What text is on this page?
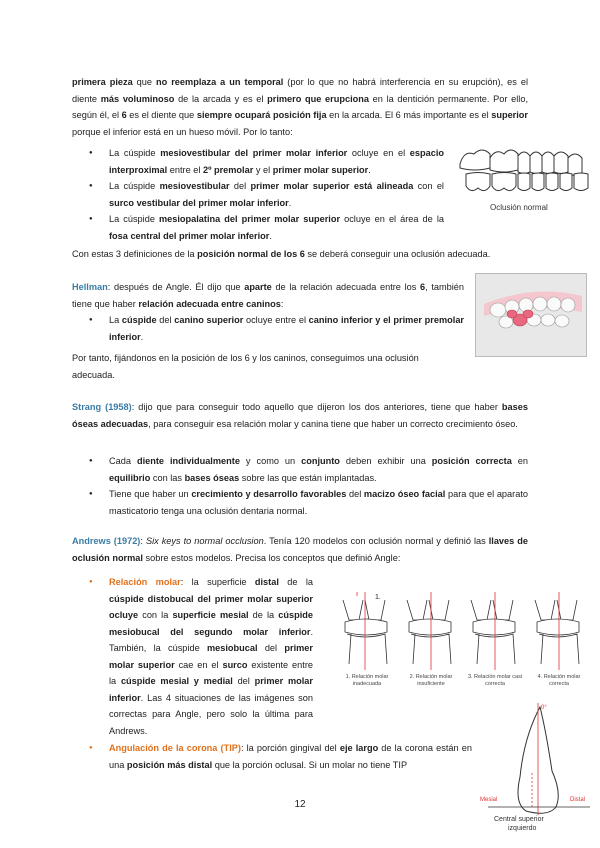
primera pieza que no reemplaza a un temporal (por lo que no habrá interferencia en su erupción), es el diente más voluminoso de la arcada y es el primero que erupciona en la dentición permanente. Por ello, según él, el 6 es el diente que siempre ocupará posición fija en la arcada. El 6 más importante es el superior porque el inferior está en un hueso móvil. Por lo tanto:
● La cúspide mesiovestibular del primer molar inferior ocluye en el espacio interproximal entre el 2º premolar y el primer molar superior.
● La cúspide mesiovestibular del primer molar superior está alineada con el surco vestibular del primer molar inferior.
● La cúspide mesiopalatina del primer molar superior ocluye en el área de la fosa central del primer molar inferior.
Oclusión normal
Con estas 3 definiciones de la posición normal de los 6 se deberá conseguir una oclusión adecuada.
Hellman: después de Angle. Él dijo que aparte de la relación adecuada entre los 6, también tiene que haber relación adecuada entre caninos:
● La cúspide del canino superior ocluye entre el canino inferior y el primer premolar inferior.
Por tanto, fijándonos en la posición de los 6 y los caninos, conseguimos una oclusión adecuada.
Strang (1958): dijo que para conseguir todo aquello que dijeron los dos anteriores, tiene que haber bases óseas adecuadas, para conseguir esa relación molar y canina tiene que haber un correcto crecimiento óseo.
● Cada diente individualmente y como un conjunto deben exhibir una posición correcta en equilibrio con las bases óseas sobre las que están implantadas.
● Tiene que haber un crecimiento y desarrollo favorables del macizo óseo facial para que el aparato masticatorio tenga una oclusión dentaria normal.
Andrews (1972): Six keys to normal occlusion. Tenía 120 modelos con oclusión normal y definió las llaves de oclusión normal sobre estos modelos. Precisa los conceptos que definió Angle:
● Relación molar: la superficie distal de la cúspide distobucal del primer molar superior ocluye con la superficie mesial de la cúspide mesiobucal del segundo molar inferior. También, la cúspide mesiobucal del primer molar superior cae en el surco existente entre la cúspide mesial y medial del primer molar inferior. Las 4 situaciones de las imágenes son correctas para Angle, pero solo la última para Andrews.
1.
1. Relación molar inadecuada
2. Relación molar insuficiente
3. Relación molar casi correcta
4. Relación molar correcta
● Angulación de la corona (TIP): la porción gingival del eje largo de la corona están en una posición más distal que la porción oclusal. Si un molar no tiene TIP
0°
Mesial	Distal
Central superior
izquierdo
12
